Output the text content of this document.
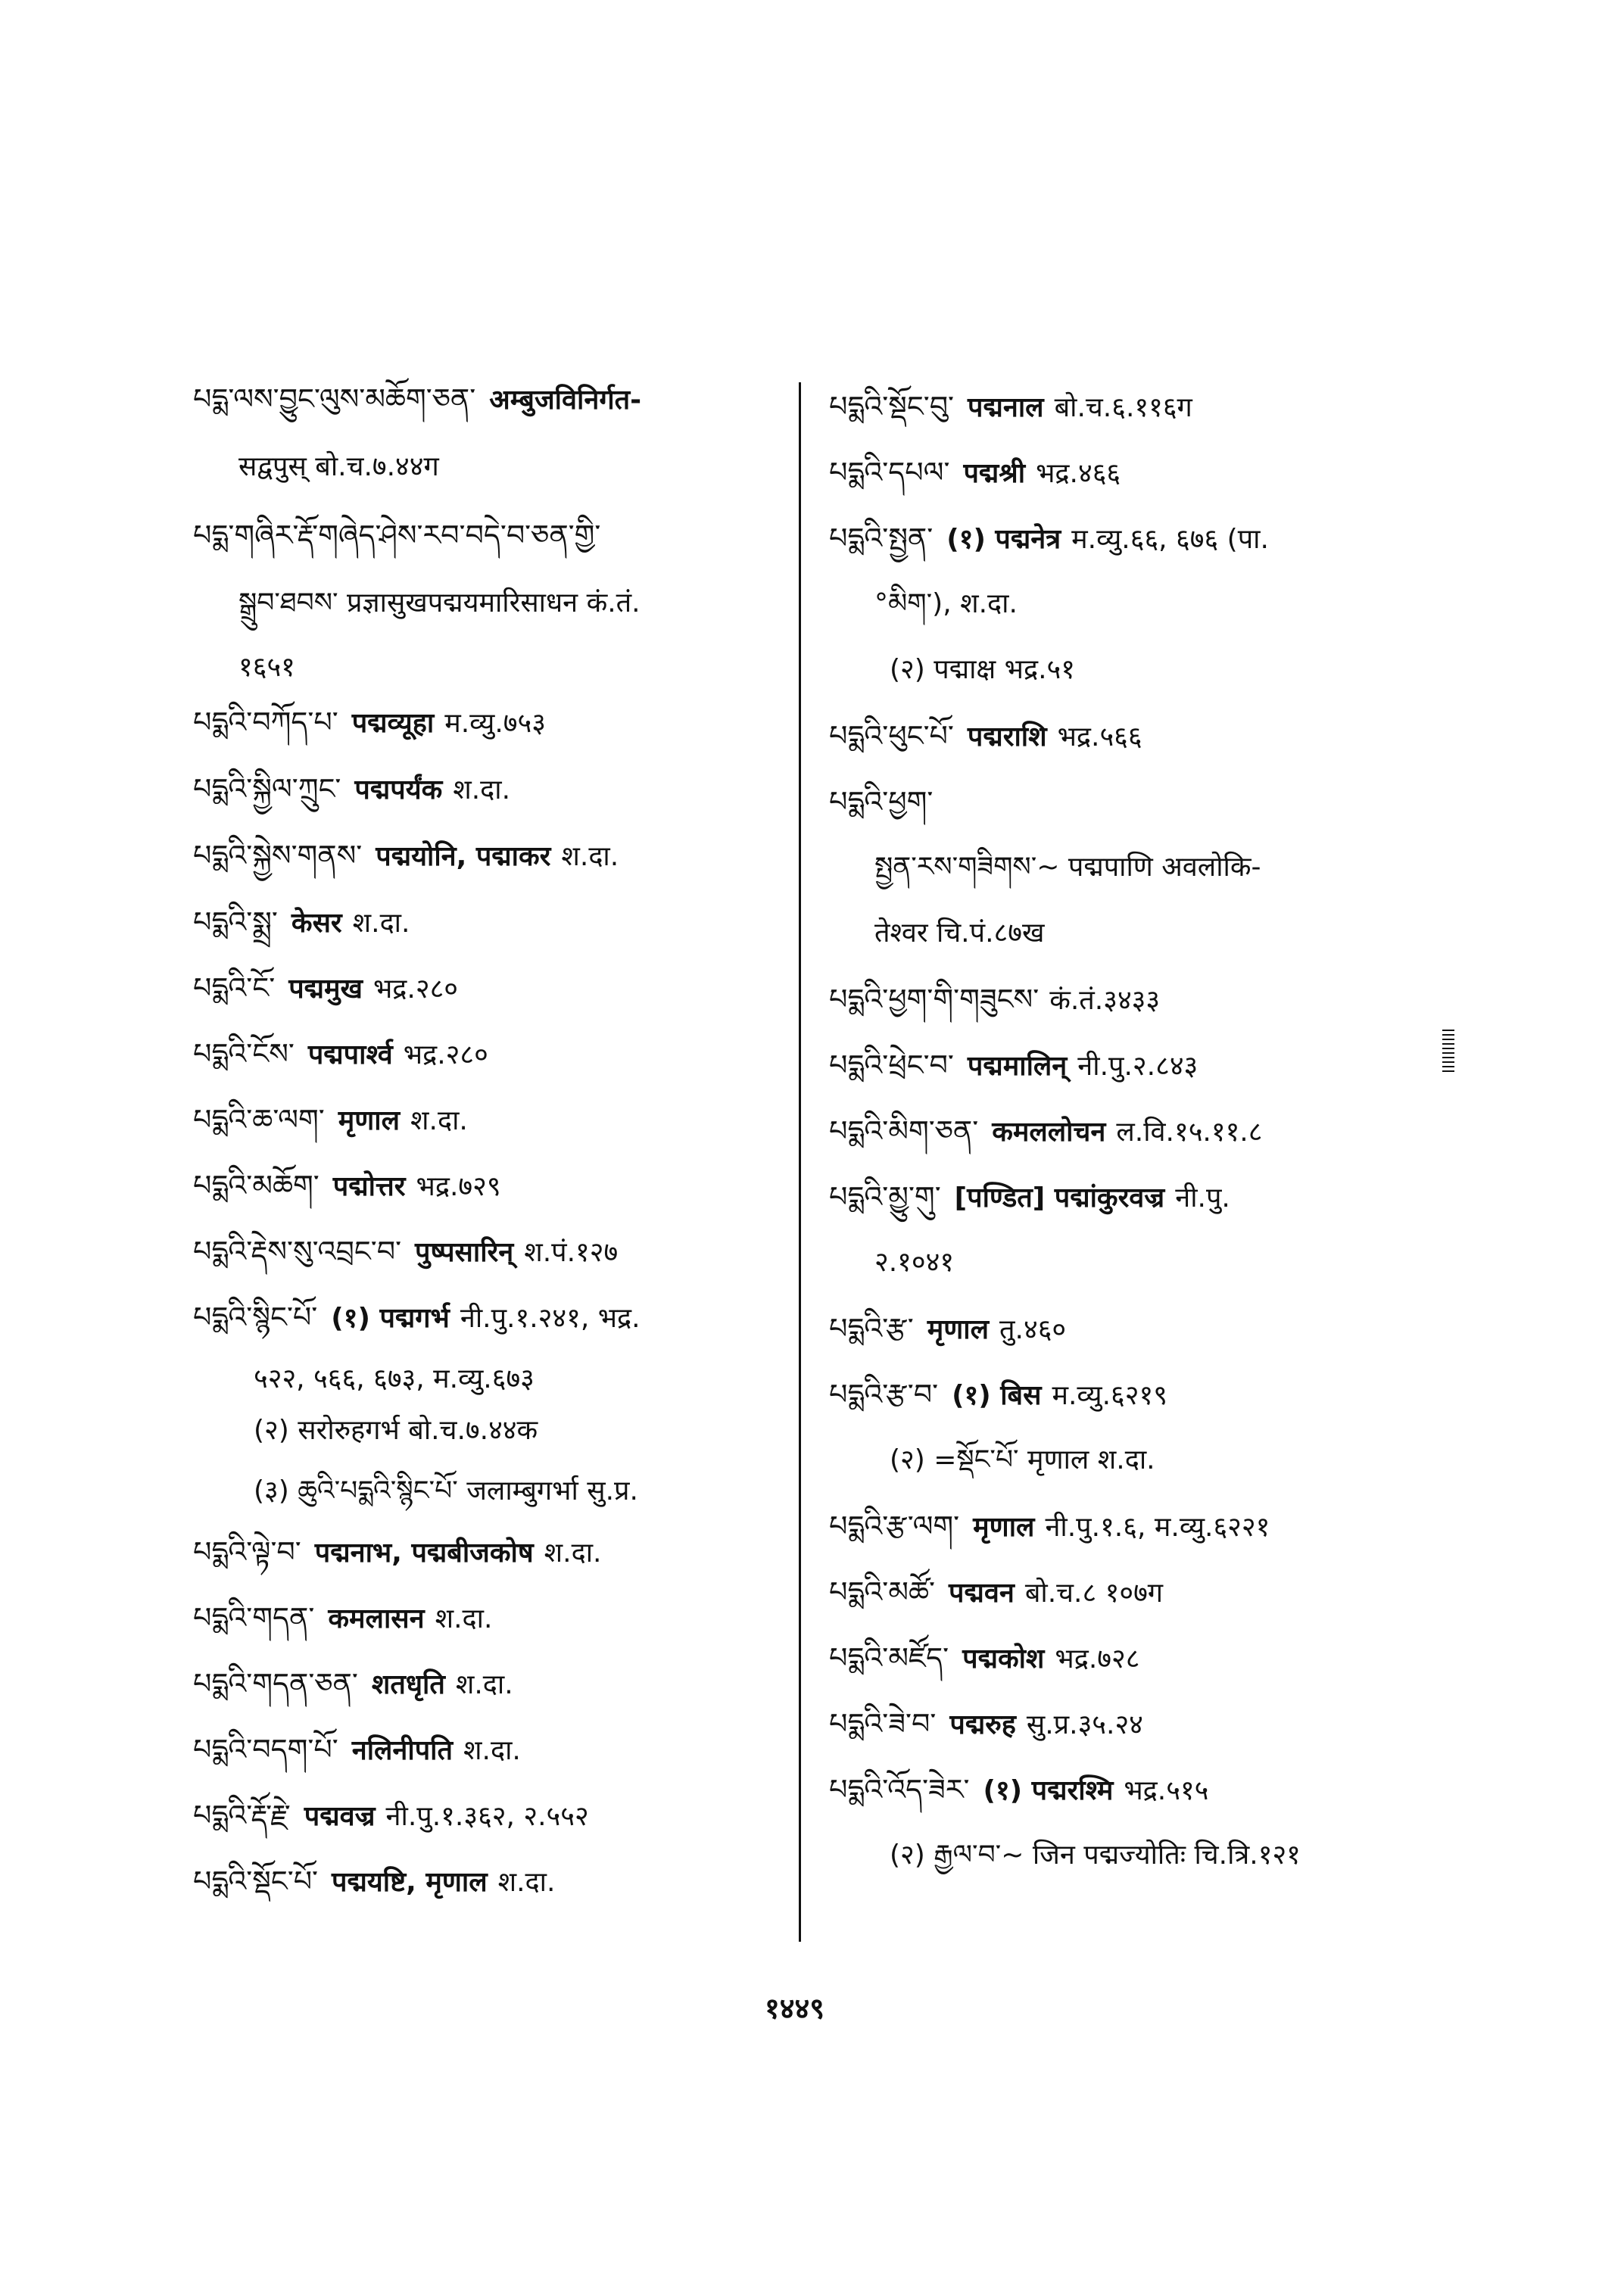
པདྨ་ལས་བྱུང་ལུས་མཆོག་ཅན་ अम्बुजविनिर्गत-
सद्वपुस् बो.च.७.४४ग
པདྨ་གཞིར་རྡོ་གཞེད་ཤེས་རབ་བདེ་བ་ཅན་གྱི་
སྒྲུབ་ཐབས་ प्रज्ञासुखपद्मयमारिसाधन कं.तं.
१६५१
པདྨའི་བཀོད་པ་ पद्मव्यूहा म.व्यु.७५३
པདྨའི་སྐྱིལ་ཀྲུང་ पद्मपर्यंक श.दा.
པདྨའི་སྐྱེས་གནས་ पद्मयोनि, पद्माकर श.दा.
པདྨའི་སྨྲ་ केसर श.दा.
པདྨའི་ངོ་ पद्ममुख भद्र.२८०
པདྨའི་ངོས་ पद्मपार्श्व भद्र.२८०
པདྨའི་ཆ་ལག་ मृणाल श.दा.
པདྨའི་མཆོག་ पद्मोत्तर भद्र.७२९
པདྨའི་རྡེས་སུ་འབྲང་བ་ पुष्पसारिन् श.पं.१२७
པདྨའི་སྙིང་པོ་ (१) पद्मगर्भ नी.पु.१.२४१, भद्र.
५२२, ५६६, ६७३, म.व्यु.६७३
(२) सरोरुहगर्भ बो.च.७.४४क
(३) ཆུའི་པདྨའི་སྙིང་པོ་ जलाम्बुगर्भा सु.प्र.
པདྨའི་ལྟེ་བ་ पद्मनाभ, पद्मबीजकोष श.दा.
པདྨའི་གདན་ कमलासन श.दा.
པདྨའི་གདན་ཅན་ शतधृति श.दा.
པདྨའི་བདག་པོ་ नलिनीपति श.दा.
པདྨའི་རྡོ་རྗེ་ पद्मवज्र नी.पु.१.३६२, २.५५२
པདྨའི་སྡོང་པོ་ पद्मयष्टि, मृणाल श.दा.
པདྨའི་སྡོང་བུ་ पद्मनाल बो.च.६.११६ग
པདྨའི་དཔལ་ पद्मश्री भद्र.४६६
པདྨའི་སྤྱན་ (१) पद्मनेत्र म.व्यु.६६, ६७६ (पा.
°མིག་), श.दा.
(२) पद्माक्ष भद्र.५१
པདྨའི་ཕུང་པོ་ पद्मराशि भद्र.५६६
པདྨའི་ཕྱག་
སྤྱན་རས་གཟིགས་~ पद्मपाणि अवलोकि-
तेश्वर चि.पं.८७ख
པདྨའི་ཕྱག་གི་གཟུངས་ कं.तं.३४३३
པདྨའི་ཕྲེང་བ་ पद्ममालिन् नी.पु.२.८४३
པདྨའི་མིག་ཅན་ कमललोचन ल.वि.१५.११.८
པདྨའི་མྱུ་གུ་ [पण्डित] पद्मांकुरवज्र नी.पु.
२.१०४१
པདྨའི་རྩ་ मृणाल तु.४६०
པདྨའི་རྩ་བ་ (१) बिस म.व्यु.६२१९
(२) =སྡོང་པོ་ मृणाल श.दा.
པདྨའི་རྩ་ལག་ मृणाल नी.पु.१.६, म.व्यु.६२२१
པདྨའི་མཚོ་ पद्मवन बो.च.८ १०७ग
པདྨའི་མཛོད་ पद्मकोश भद्र.७२८
པདྨའི་ཟེ་བ་ पद्मरुह सु.प्र.३५.२४
པདྨའི་འོད་ཟེར་ (१) पद्मरश्मि भद्र.५१५
(२) རྒྱལ་བ་~ जिन पद्मज्योतिः चि.त्रि.१२१
१४४९
